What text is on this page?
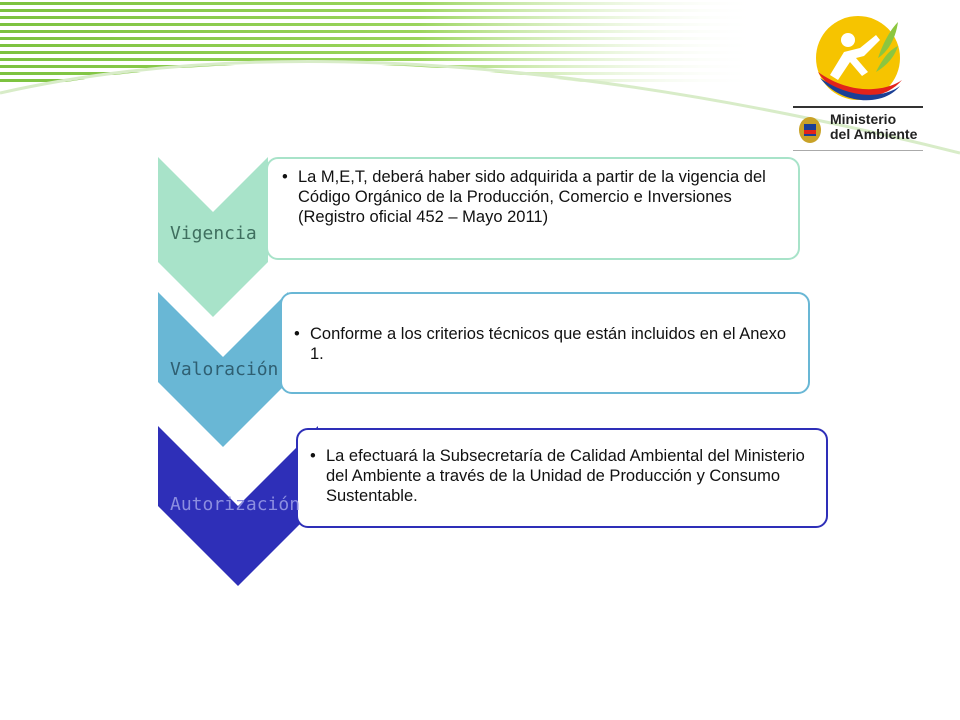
Ministerio
del Ambiente
• La M,E,T, deberá haber sido adquirida a partir de la vigencia del Código Orgánico de la Producción, Comercio e Inversiones (Registro oficial 452 – Mayo 2011)
Vigencia
• Conforme a los criterios técnicos que están incluidos en el Anexo 1.
Valoración
• La efectuará la Subsecretaría de Calidad Ambiental del Ministerio del Ambiente a través de la Unidad de Producción y Consumo Sustentable.
Autorización
